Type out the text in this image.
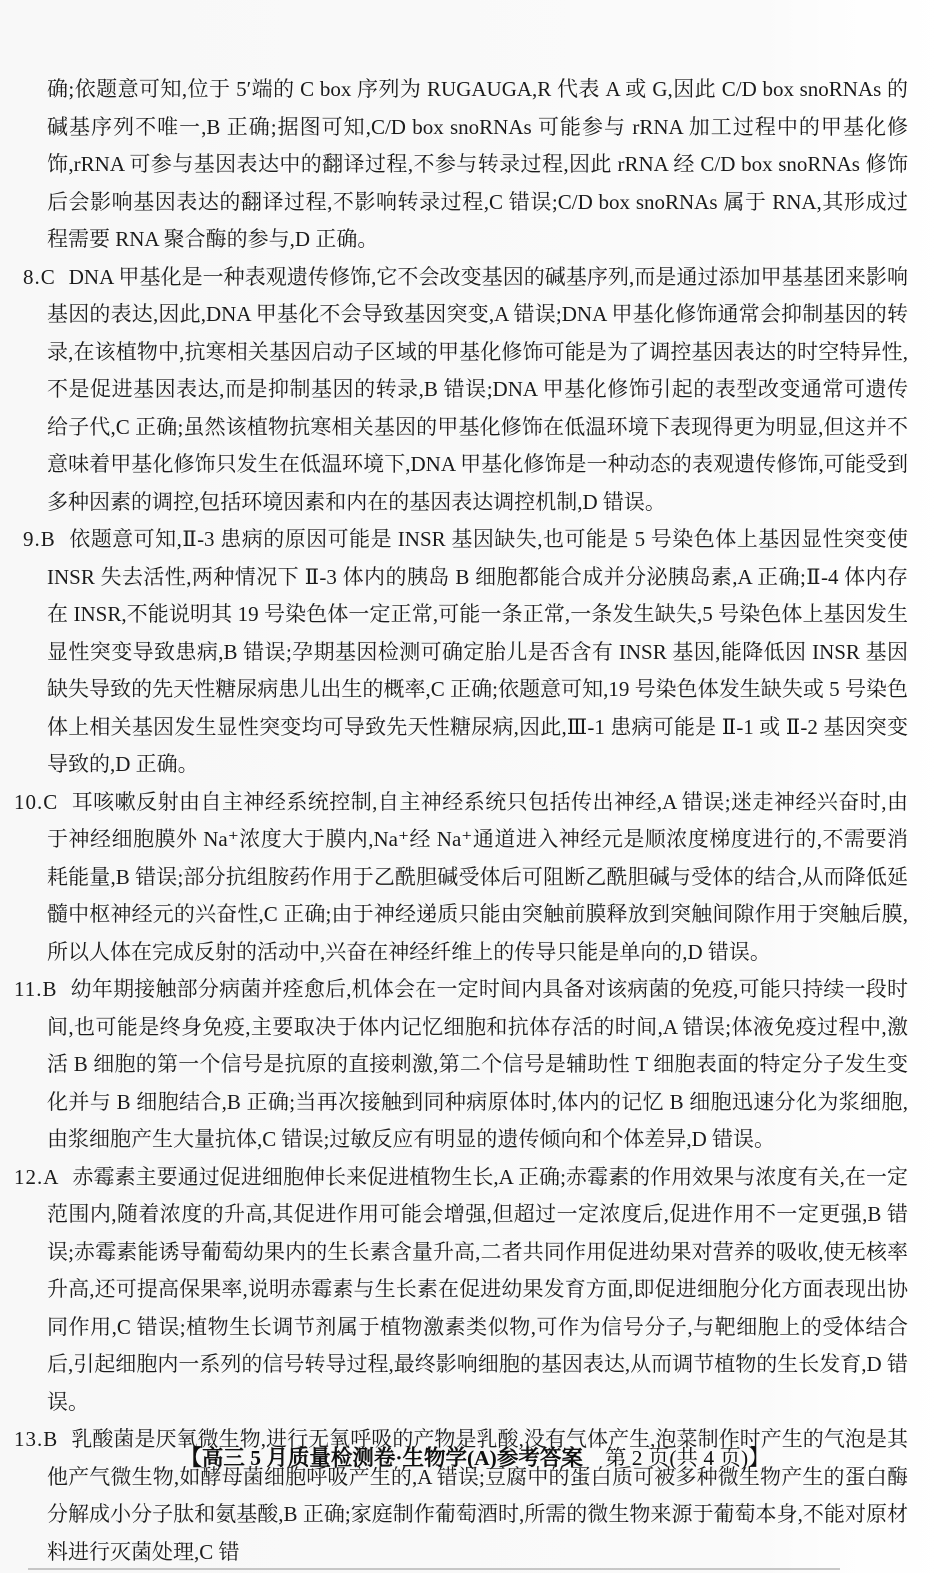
确;依题意可知,位于 5′端的 C box 序列为 RUGAUGA,R 代表 A 或 G,因此 C/D box snoRNAs 的碱基序列不唯一,B 正确;据图可知,C/D box snoRNAs 可能参与 rRNA 加工过程中的甲基化修饰,rRNA 可参与基因表达中的翻译过程,不参与转录过程,因此 rRNA 经 C/D box snoRNAs 修饰后会影响基因表达的翻译过程,不影响转录过程,C 错误;C/D box snoRNAs 属于 RNA,其形成过程需要 RNA 聚合酶的参与,D 正确。

8.C DNA 甲基化是一种表观遗传修饰,它不会改变基因的碱基序列,而是通过添加甲基基团来影响基因的表达,因此,DNA 甲基化不会导致基因突变,A 错误;DNA 甲基化修饰通常会抑制基因的转录,在该植物中,抗寒相关基因启动子区域的甲基化修饰可能是为了调控基因表达的时空特异性,不是促进基因表达,而是抑制基因的转录,B 错误;DNA 甲基化修饰引起的表型改变通常可遗传给子代,C 正确;虽然该植物抗寒相关基因的甲基化修饰在低温环境下表现得更为明显,但这并不意味着甲基化修饰只发生在低温环境下,DNA 甲基化修饰是一种动态的表观遗传修饰,可能受到多种因素的调控,包括环境因素和内在的基因表达调控机制,D 错误。

9.B 依题意可知,Ⅱ-3 患病的原因可能是 INSR 基因缺失,也可能是 5 号染色体上基因显性突变使 INSR 失去活性,两种情况下 Ⅱ-3 体内的胰岛 B 细胞都能合成并分泌胰岛素,A 正确;Ⅱ-4 体内存在 INSR,不能说明其 19 号染色体一定正常,可能一条正常,一条发生缺失,5 号染色体上基因发生显性突变导致患病,B 错误;孕期基因检测可确定胎儿是否含有 INSR 基因,能降低因 INSR 基因缺失导致的先天性糖尿病患儿出生的概率,C 正确;依题意可知,19 号染色体发生缺失或 5 号染色体上相关基因发生显性突变均可导致先天性糖尿病,因此,Ⅲ-1 患病可能是 Ⅱ-1 或 Ⅱ-2 基因突变导致的,D 正确。

10.C 耳咳嗽反射由自主神经系统控制,自主神经系统只包括传出神经,A 错误;迷走神经兴奋时,由于神经细胞膜外 Na⁺浓度大于膜内,Na⁺经 Na⁺通道进入神经元是顺浓度梯度进行的,不需要消耗能量,B 错误;部分抗组胺药作用于乙酰胆碱受体后可阻断乙酰胆碱与受体的结合,从而降低延髓中枢神经元的兴奋性,C 正确;由于神经递质只能由突触前膜释放到突触间隙作用于突触后膜,所以人体在完成反射的活动中,兴奋在神经纤维上的传导只能是单向的,D 错误。

11.B 幼年期接触部分病菌并痊愈后,机体会在一定时间内具备对该病菌的免疫,可能只持续一段时间,也可能是终身免疫,主要取决于体内记忆细胞和抗体存活的时间,A 错误;体液免疫过程中,激活 B 细胞的第一个信号是抗原的直接刺激,第二个信号是辅助性 T 细胞表面的特定分子发生变化并与 B 细胞结合,B 正确;当再次接触到同种病原体时,体内的记忆 B 细胞迅速分化为浆细胞,由浆细胞产生大量抗体,C 错误;过敏反应有明显的遗传倾向和个体差异,D 错误。

12.A 赤霉素主要通过促进细胞伸长来促进植物生长,A 正确;赤霉素的作用效果与浓度有关,在一定范围内,随着浓度的升高,其促进作用可能会增强,但超过一定浓度后,促进作用不一定更强,B 错误;赤霉素能诱导葡萄幼果内的生长素含量升高,二者共同作用促进幼果对营养的吸收,使无核率升高,还可提高保果率,说明赤霉素与生长素在促进幼果发育方面,即促进细胞分化方面表现出协同作用,C 错误;植物生长调节剂属于植物激素类似物,可作为信号分子,与靶细胞上的受体结合后,引起细胞内一系列的信号转导过程,最终影响细胞的基因表达,从而调节植物的生长发育,D 错误。

13.B 乳酸菌是厌氧微生物,进行无氧呼吸的产物是乳酸,没有气体产生,泡菜制作时产生的气泡是其他产气微生物,如酵母菌细胞呼吸产生的,A 错误;豆腐中的蛋白质可被多种微生物产生的蛋白酶分解成小分子肽和氨基酸,B 正确;家庭制作葡萄酒时,所需的微生物来源于葡萄本身,不能对原材料进行灭菌处理,C 错

【高三 5 月质量检测卷·生物学(A)参考答案 第 2 页(共 4 页)】
